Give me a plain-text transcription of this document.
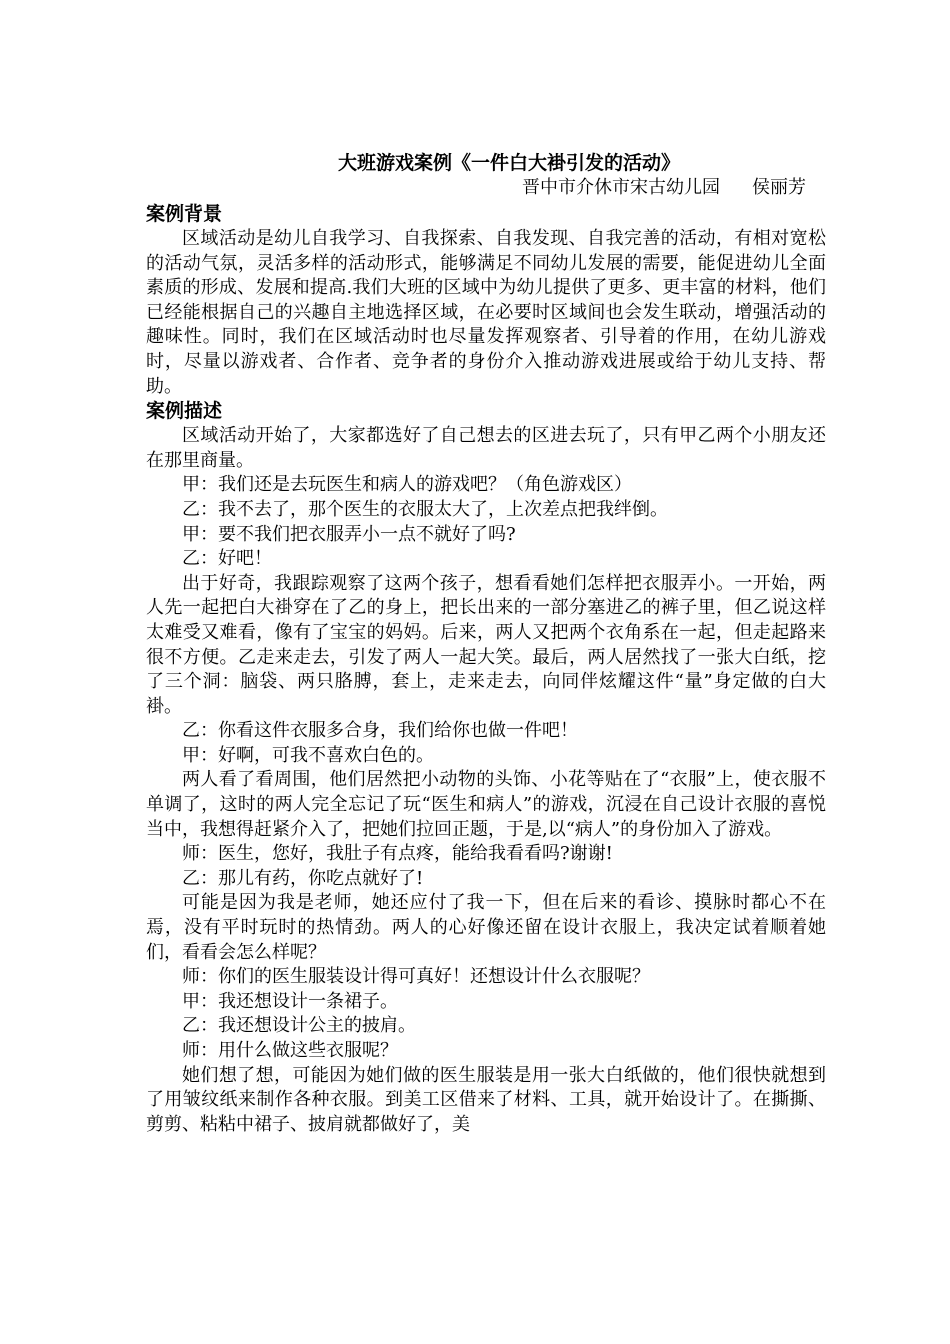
大班游戏案例《一件白大褂引发的活动》
晋中市介休市宋古幼儿园 侯丽芳
案例背景

区域活动是幼儿自我学习、自我探索、自我发现、自我完善的活动，有相对宽松的活动气氛，灵活多样的活动形式，能够满足不同幼儿发展的需要，能促进幼儿全面素质的形成、发展和提高.我们大班的区域中为幼儿提供了更多、更丰富的材料，他们已经能根据自己的兴趣自主地选择区域，在必要时区域间也会发生联动，增强活动的趣味性。同时，我们在区域活动时也尽量发挥观察者、引导着的作用，在幼儿游戏时，尽量以游戏者、合作者、竞争者的身份介入推动游戏进展或给于幼儿支持、帮助。

案例描述

区域活动开始了，大家都选好了自己想去的区进去玩了，只有甲乙两个小朋友还在那里商量。

甲：我们还是去玩医生和病人的游戏吧？（角色游戏区）

乙：我不去了，那个医生的衣服太大了，上次差点把我绊倒。

甲：要不我们把衣服弄小一点不就好了吗?

乙：好吧！

出于好奇，我跟踪观察了这两个孩子，想看看她们怎样把衣服弄小。一开始，两人先一起把白大褂穿在了乙的身上，把长出来的一部分塞进乙的裤子里，但乙说这样太难受又难看，像有了宝宝的妈妈。后来，两人又把两个衣角系在一起，但走起路来很不方便。乙走来走去，引发了两人一起大笑。最后，两人居然找了一张大白纸，挖了三个洞：脑袋、两只胳膊，套上，走来走去，向同伴炫耀这件“量”身定做的白大褂。

乙：你看这件衣服多合身，我们给你也做一件吧！

甲：好啊，可我不喜欢白色的。

两人看了看周围，他们居然把小动物的头饰、小花等贴在了“衣服”上，使衣服不单调了，这时的两人完全忘记了玩“医生和病人”的游戏，沉浸在自己设计衣服的喜悦当中，我想得赶紧介入了，把她们拉回正题，于是,以“病人”的身份加入了游戏。

师：医生，您好，我肚子有点疼，能给我看看吗?谢谢!

乙：那儿有药，你吃点就好了!

可能是因为我是老师，她还应付了我一下，但在后来的看诊、摸脉时都心不在焉，没有平时玩时的热情劲。两人的心好像还留在设计衣服上，我决定试着顺着她们，看看会怎么样呢？

师：你们的医生服装设计得可真好！还想设计什么衣服呢？

甲：我还想设计一条裙子。

乙：我还想设计公主的披肩。

师：用什么做这些衣服呢？

她们想了想，可能因为她们做的医生服装是用一张大白纸做的，他们很快就想到了用皱纹纸来制作各种衣服。到美工区借来了材料、工具，就开始设计了。在撕撕、剪剪、粘粘中裙子、披肩就都做好了，美
